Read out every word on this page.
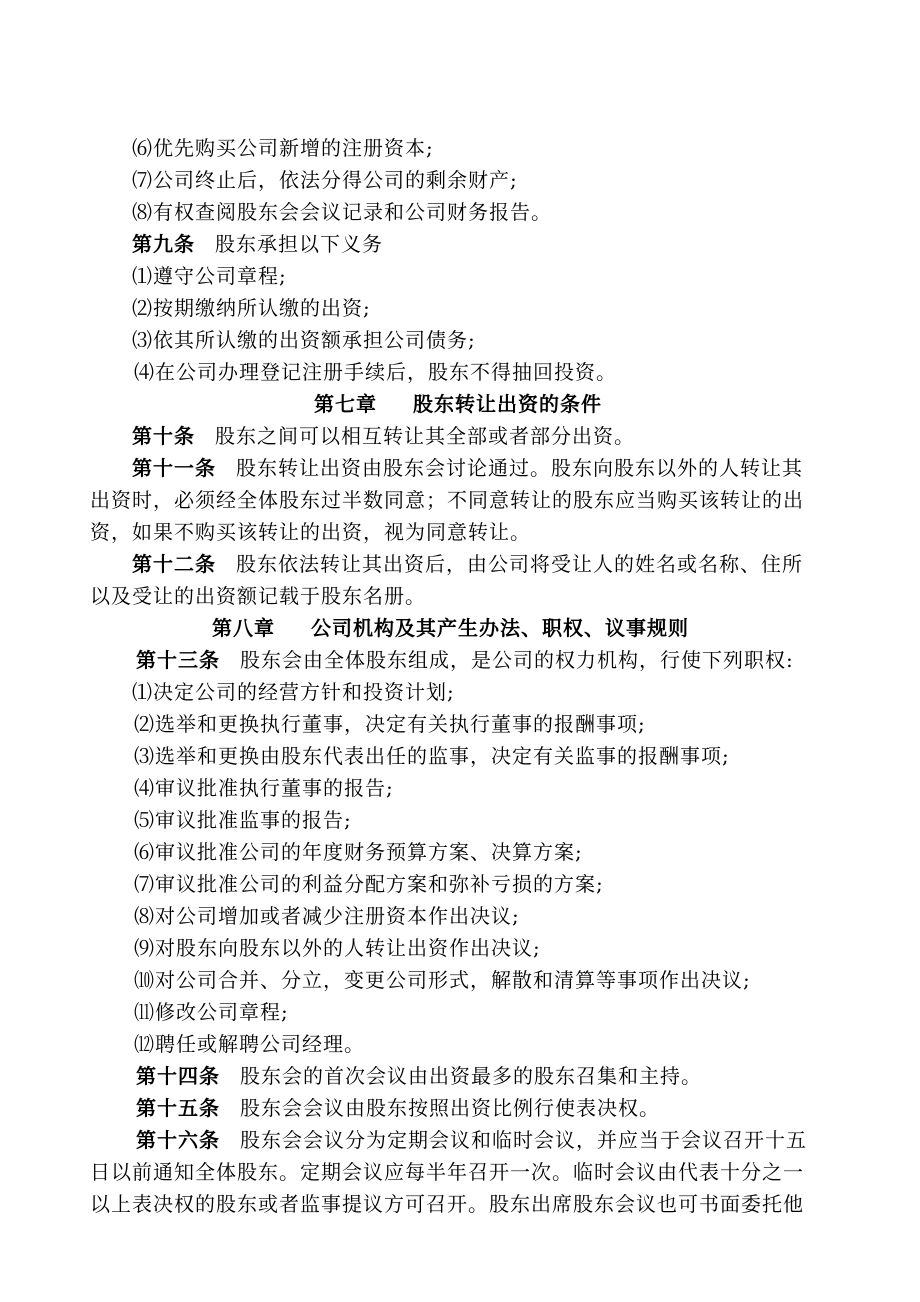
⑹优先购买公司新增的注册资本;
⑺公司终止后，依法分得公司的剩余财产;
⑻有权查阅股东会会议记录和公司财务报告。
第九条 股东承担以下义务
⑴遵守公司章程;
⑵按期缴纳所认缴的出资;
⑶依其所认缴的出资额承担公司债务;
⑷在公司办理登记注册手续后，股东不得抽回投资。
第七章 股东转让出资的条件
第十条 股东之间可以相互转让其全部或者部分出资。
第十一条 股东转让出资由股东会讨论通过。股东向股东以外的人转让其
出资时，必须经全体股东过半数同意；不同意转让的股东应当购买该转让的出
资，如果不购买该转让的出资，视为同意转让。
第十二条 股东依法转让其出资后，由公司将受让人的姓名或名称、住所
以及受让的出资额记载于股东名册。
第八章 公司机构及其产生办法、职权、议事规则
第十三条 股东会由全体股东组成，是公司的权力机构，行使下列职权:
⑴决定公司的经营方针和投资计划;
⑵选举和更换执行董事，决定有关执行董事的报酬事项;
⑶选举和更换由股东代表出任的监事，决定有关监事的报酬事项;
⑷审议批准执行董事的报告;
⑸审议批准监事的报告;
⑹审议批准公司的年度财务预算方案、决算方案;
⑺审议批准公司的利益分配方案和弥补亏损的方案;
⑻对公司增加或者减少注册资本作出决议;
⑼对股东向股东以外的人转让出资作出决议;
⑽对公司合并、分立，变更公司形式，解散和清算等事项作出决议;
⑾修改公司章程;
⑿聘任或解聘公司经理。
第十四条 股东会的首次会议由出资最多的股东召集和主持。
第十五条 股东会会议由股东按照出资比例行使表决权。
第十六条 股东会会议分为定期会议和临时会议，并应当于会议召开十五
日以前通知全体股东。定期会议应每半年召开一次。临时会议由代表十分之一
以上表决权的股东或者监事提议方可召开。股东出席股东会议也可书面委托他
